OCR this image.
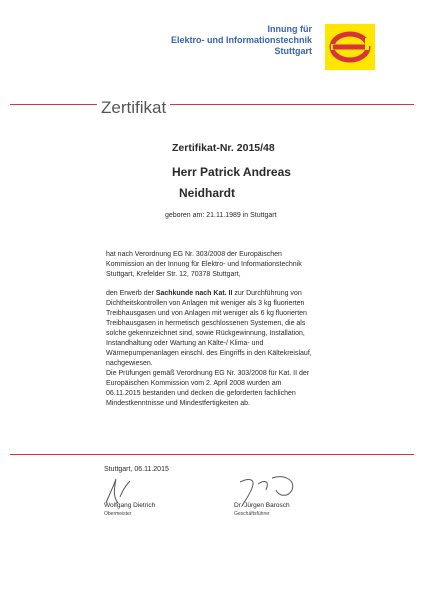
Innung für
Elektro- und Informationstechnik
Stuttgart
Zertifikat
Zertifikat-Nr. 2015/48
Herr Patrick Andreas
Neidhardt
geboren am: 21.11.1989 in Stuttgart
hat nach Verordnung EG Nr. 303/2008 der Europäischen Kommission an der Innung für Elektro- und Informationstechnik Stuttgart, Krefelder Str. 12, 70378 Stuttgart,
den Erwerb der Sachkunde nach Kat. II zur Durchführung von Dichtheitskontrollen von Anlagen mit weniger als 3 kg fluorierten Treibhausgasen und von Anlagen mit weniger als 6 kg fluorierten Treibhausgasen in hermetisch geschlossenen Systemen, die als solche gekennzeichnet sind, sowie Rückgewinnung, Installation, Instandhaltung oder Wartung an Kälte-/ Klima- und Wärmepumpenanlagen einschl. des Eingriffs in den Kältekreislauf, nachgewiesen.
Die Prüfungen gemäß Verordnung EG Nr. 303/2008 für Kat. II der Europäischen Kommission vom 2. April 2008 wurden am 06.11.2015 bestanden und decken die geforderten fachlichen Mindestkenntnisse und Mindestfertigkeiten ab.
Stuttgart, 06.11.2015
Wolfgang Dietrich
Obermeister
Dr. Jürgen Barosch
Geschäftsführer
